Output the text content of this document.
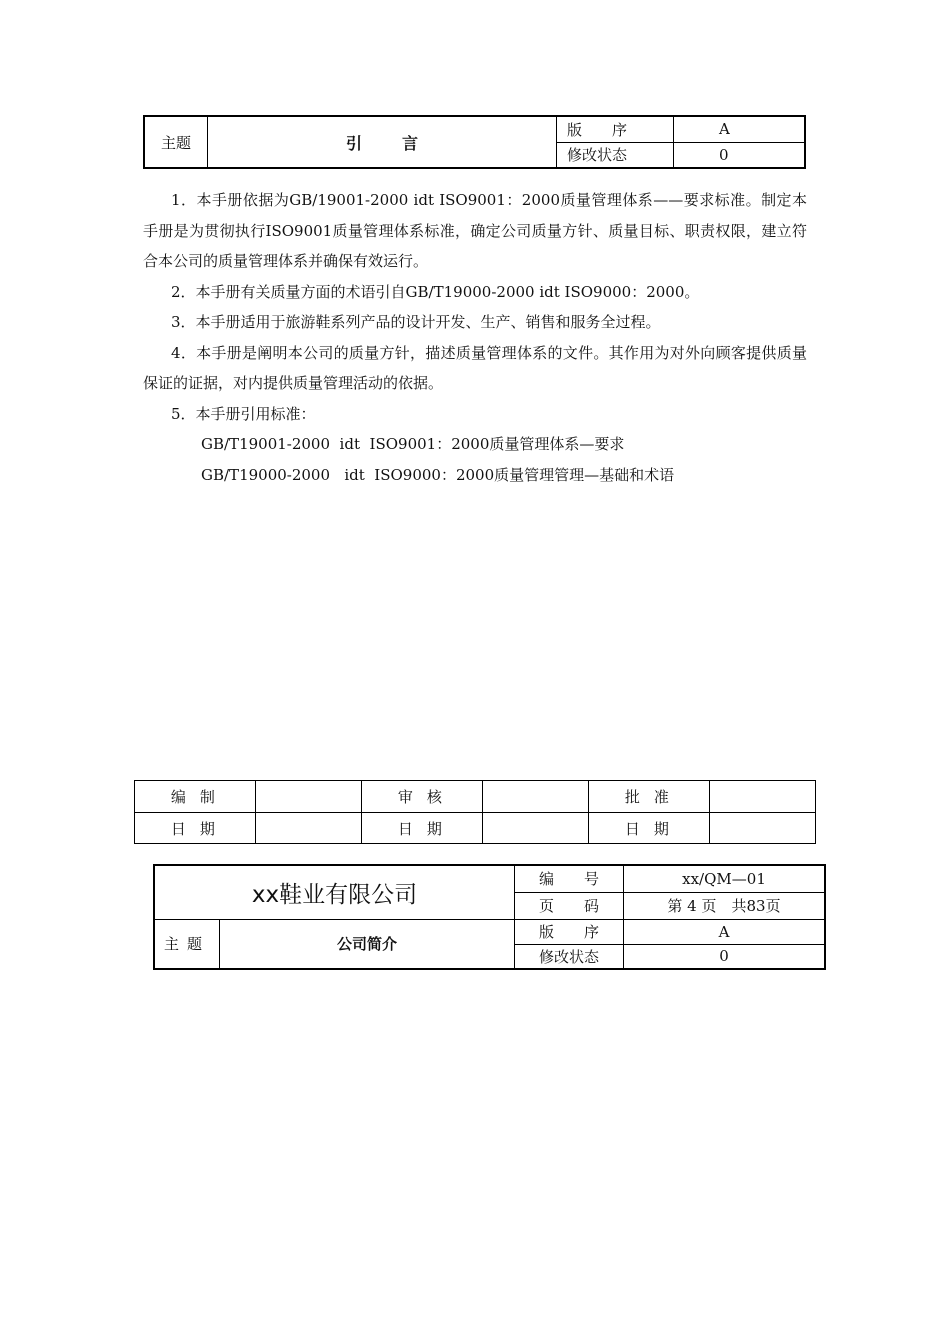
主题	引言	版　　序	A
		修改状态	0

1．本手册依据为GB/19001-2000 idt ISO9001：2000质量管理体系——要求标准。制定本手册是为贯彻执行ISO9001质量管理体系标准，确定公司质量方针、质量目标、职责权限，建立符合本公司的质量管理体系并确保有效运行。

2．本手册有关质量方面的术语引自GB/T19000-2000 idt ISO9000：2000。

3．本手册适用于旅游鞋系列产品的设计开发、生产、销售和服务全过程。

4．本手册是阐明本公司的质量方针，描述质量管理体系的文件。其作用为对外向顾客提供质量保证的证据，对内提供质量管理活动的依据。

5．本手册引用标准：

GB/T19001-2000  idt  ISO9001：2000质量管理体系—要求

GB/T19000-2000   idt  ISO9000：2000质量管理管理—基础和术语

编制		审核		批准	
日期		日期		日期	
xx鞋业有限公司		编　　号	xx/QM—01
		页　　码	第 4 页　共83页
主题	公司简介	版　　序	A
		修改状态	0
